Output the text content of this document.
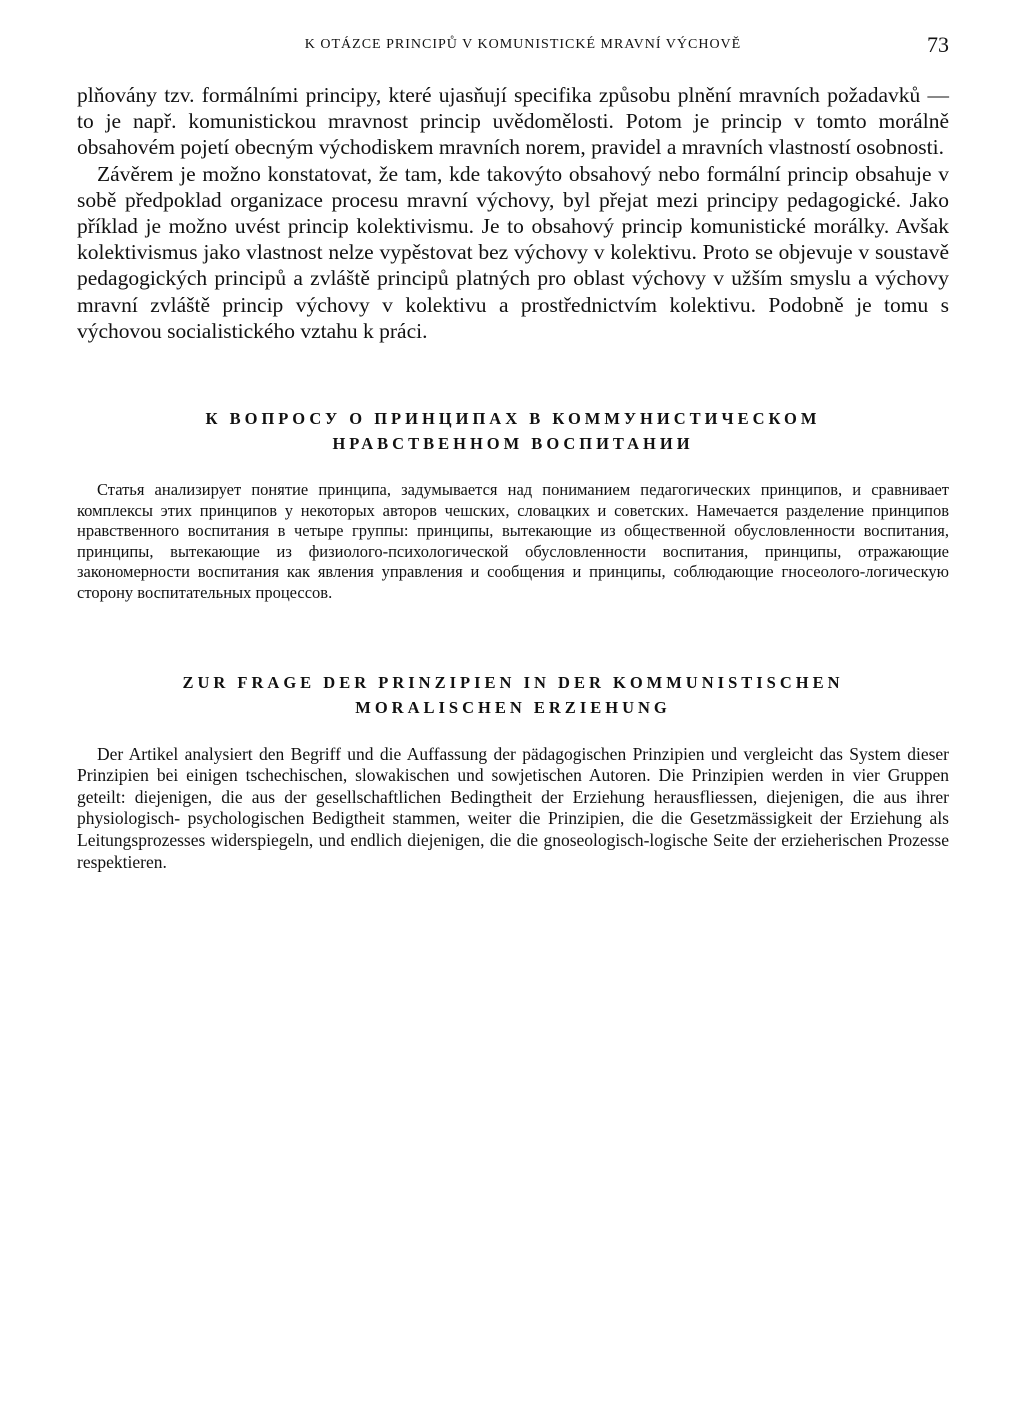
K OTÁZCE PRINCIPŮ V KOMUNISTICKÉ MRAVNÍ VÝCHOVĚ	73

plňovány tzv. formálními principy, které ujasňují specifika způsobu plnění mravních požadavků — to je např. komunistickou mravnost princip uvědomělosti. Potom je princip v tomto morálně obsahovém pojetí obecným východiskem mravních norem, pravidel a mravních vlastností osobnosti.

Závěrem je možno konstatovat, že tam, kde takovýto obsahový nebo formální princip obsahuje v sobě předpoklad organizace procesu mravní výchovy, byl přejat mezi principy pedagogické. Jako příklad je možno uvést princip kolektivismu. Je to obsahový princip komunistické morálky. Avšak kolektivismus jako vlastnost nelze vypěstovat bez výchovy v kolektivu. Proto se objevuje v soustavě pedagogických principů a zvláště principů platných pro oblast výchovy v užším smyslu a výchovy mravní zvláště princip výchovy v kolektivu a prostřednictvím kolektivu. Podobně je tomu s výchovou socialistického vztahu k práci.

К ВОПРОСУ О ПРИНЦИПАХ В КОММУНИСТИЧЕСКОМ
НРАВСТВЕННОМ ВОСПИТАНИИ

Статья анализирует понятие принципа, задумывается над пониманием педагогических принципов, и сравнивает комплексы этих принципов у некоторых авторов чешских, словацких и советских. Намечается разделение принципов нравственного воспитания в четыре группы: принципы, вытекающие из общественной обусловленности воспитания, принципы, вытекающие из физиолого-психологической обусловленности воспитания, принципы, отражающие закономерности воспитания как явления управления и сообщения и принципы, соблюдающие гносеолого-логическую сторону воспитательных процессов.

ZUR FRAGE DER PRINZIPIEN IN DER KOMMUNISTISCHEN
MORALISCHEN ERZIEHUNG

Der Artikel analysiert den Begriff und die Auffassung der pädagogischen Prinzipien und vergleicht das System dieser Prinzipien bei einigen tschechischen, slowakischen und sowjetischen Autoren. Die Prinzipien werden in vier Gruppen geteilt: diejenigen, die aus der gesellschaftlichen Bedingtheit der Erziehung herausfliessen, diejenigen, die aus ihrer physiologisch- psychologischen Bedigtheit stammen, weiter die Prinzipien, die die Gesetzmässigkeit der Erziehung als Leitungsprozesses widerspiegeln, und endlich diejenigen, die die gnoseologisch-logische Seite der erzieherischen Prozesse respektieren.
